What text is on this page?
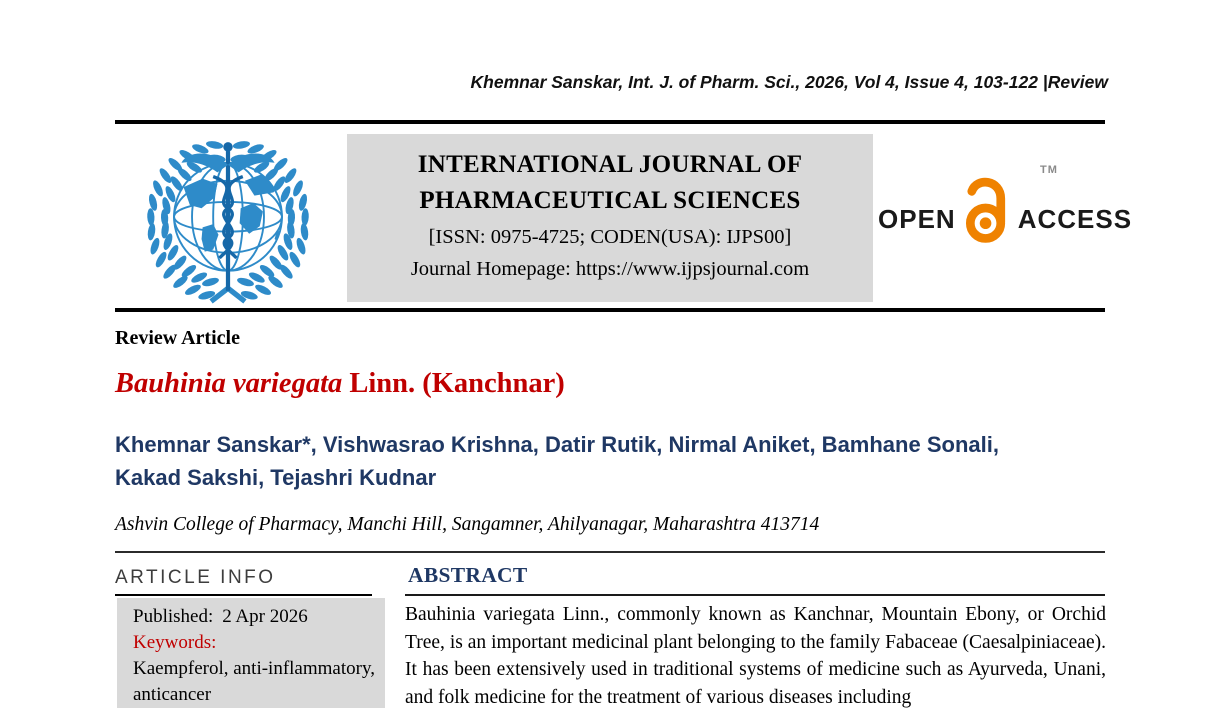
Khemnar Sanskar, Int. J. of Pharm. Sci., 2026, Vol 4, Issue 4, 103-122 |Review
INTERNATIONAL JOURNAL OF
PHARMACEUTICAL SCIENCES
[ISSN: 0975-4725; CODEN(USA): IJPS00]
Journal Homepage: https://www.ijpsjournal.com
OPEN ACCESS
TM
Review Article
Bauhinia variegata Linn. (Kanchnar)
Khemnar Sanskar*, Vishwasrao Krishna, Datir Rutik, Nirmal Aniket, Bamhane Sonali, Kakad Sakshi, Tejashri Kudnar
Ashvin College of Pharmacy, Manchi Hill, Sangamner, Ahilyanagar, Maharashtra 413714
ARTICLE INFO
Published: 2 Apr 2026
Keywords:
Kaempferol, anti-inflammatory, anticancer
ABSTRACT
Bauhinia variegata Linn., commonly known as Kanchnar, Mountain Ebony, or Orchid Tree, is an important medicinal plant belonging to the family Fabaceae (Caesalpiniaceae). It has been extensively used in traditional systems of medicine such as Ayurveda, Unani, and folk medicine for the treatment of various diseases including
